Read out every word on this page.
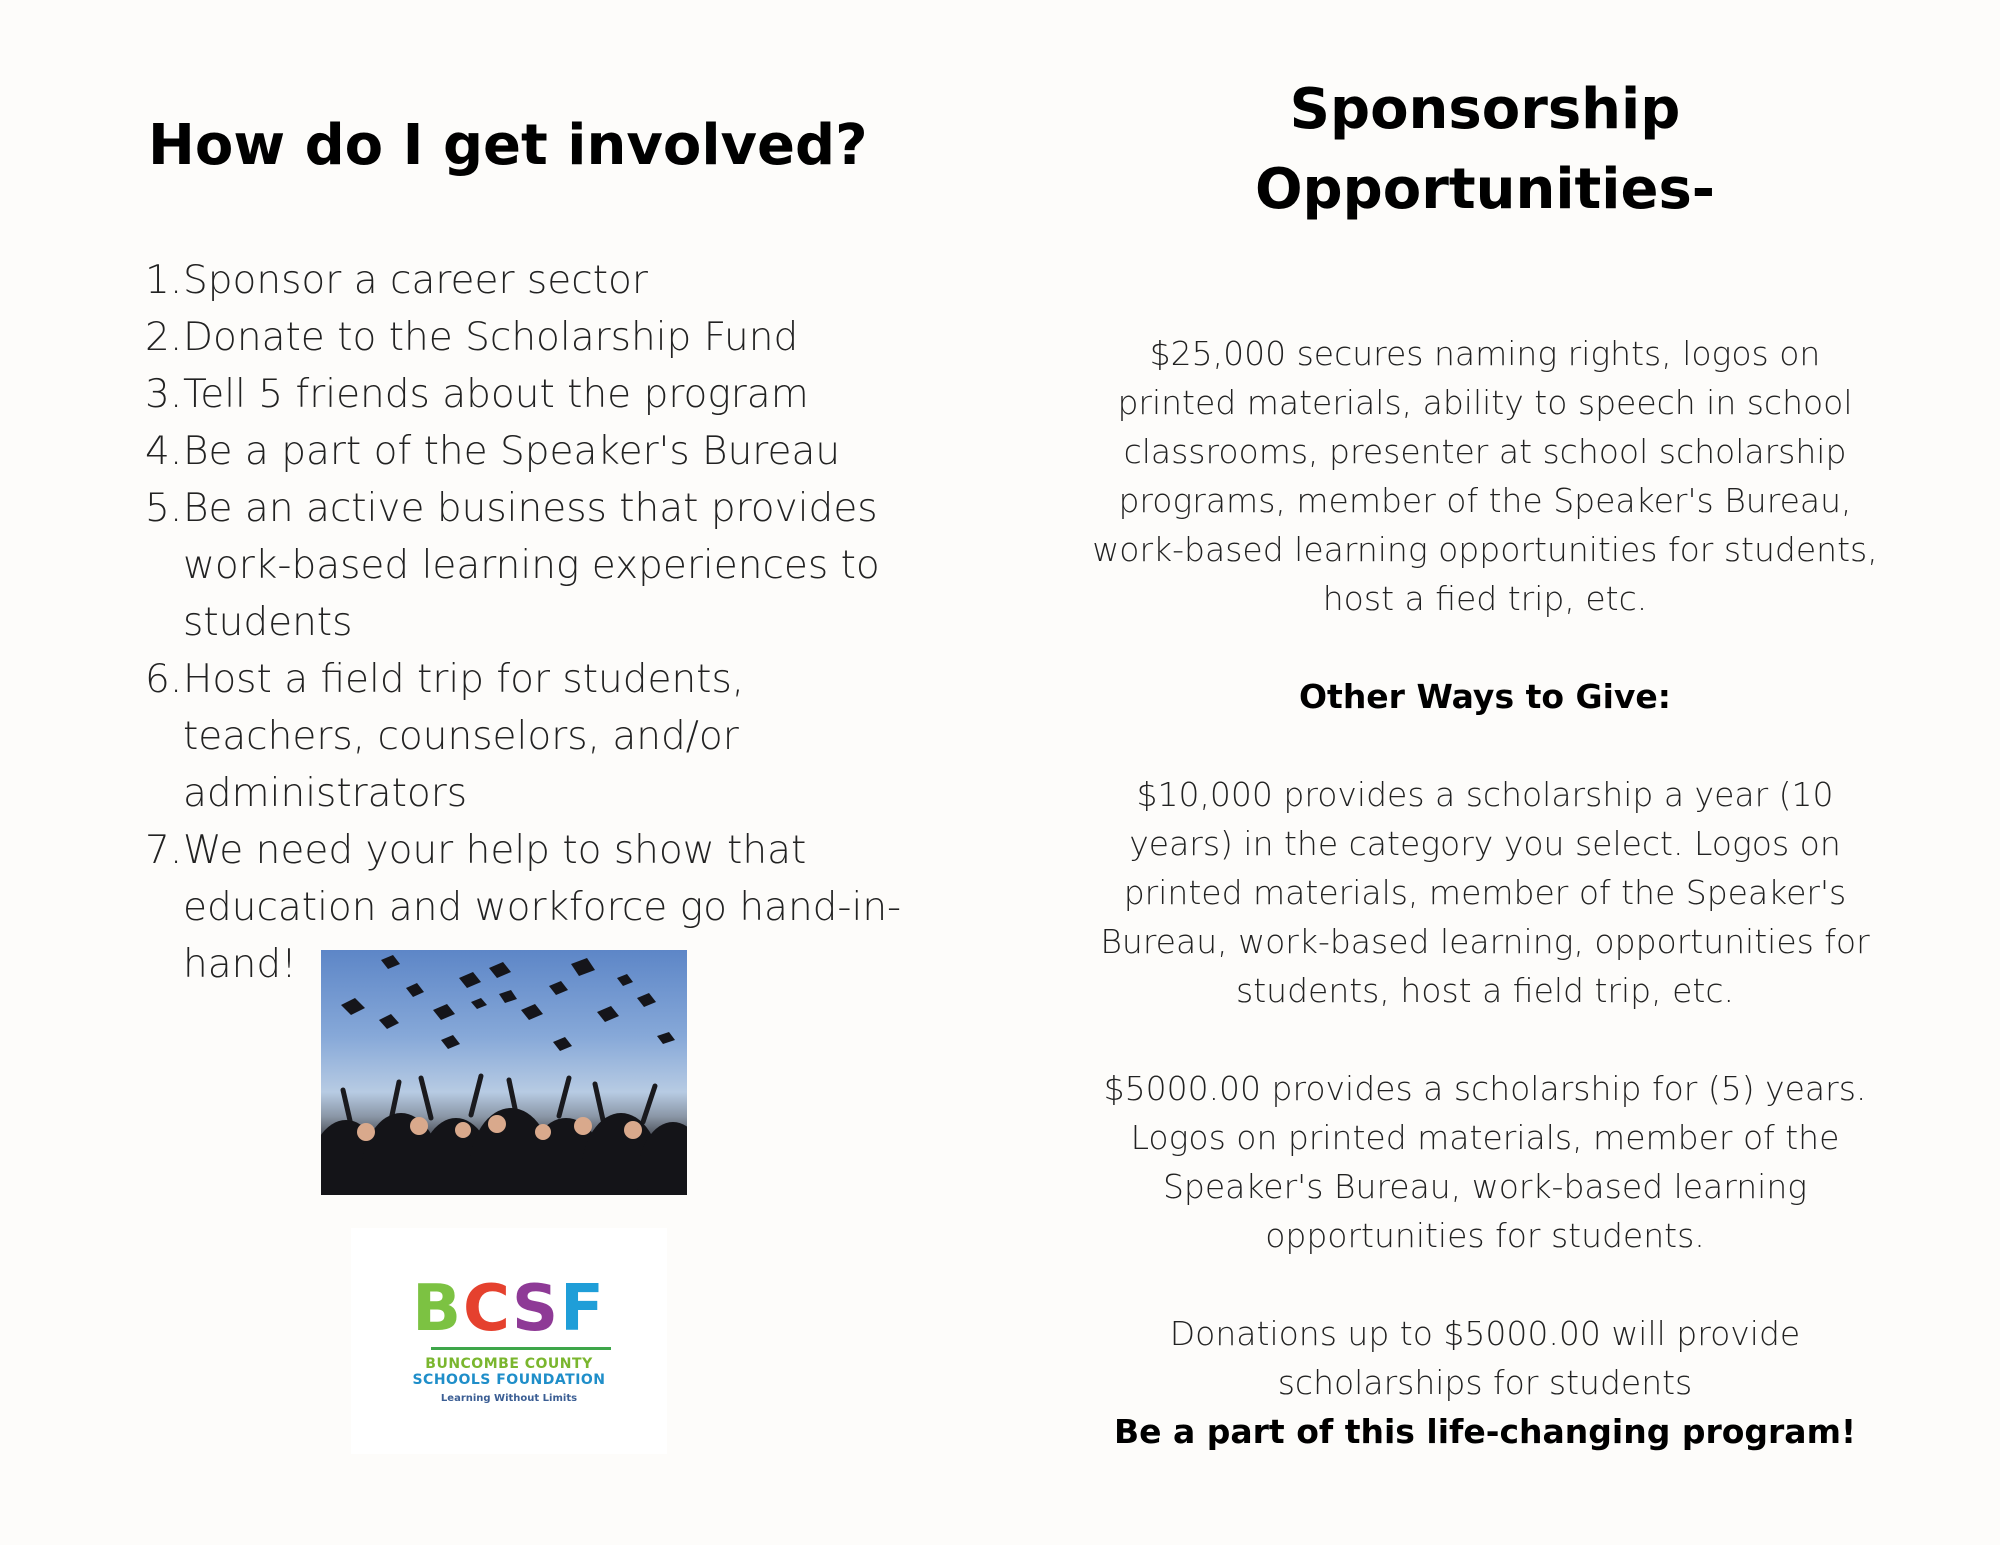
How do I get involved?
1. Sponsor a career sector
2. Donate to the Scholarship Fund
3. Tell 5 friends about the program
4. Be a part of the Speaker's Bureau
5. Be an active business that provides work-based learning experiences to students
6. Host a field trip for students, teachers, counselors, and/or administrators
7. We need your help to show that education and workforce go hand-in-hand!
BCSF
BUNCOMBE COUNTY
SCHOOLS FOUNDATION
Learning Without Limits
Sponsorship
Opportunities-

$25,000 secures naming rights, logos on printed materials, ability to speech in school classrooms, presenter at school scholarship programs, member of the Speaker's Bureau, work-based learning opportunities for students, host a fied trip, etc.

Other Ways to Give:

$10,000 provides a scholarship a year (10 years) in the category you select. Logos on printed materials, member of the Speaker's Bureau, work-based learning, opportunities for students, host a field trip, etc.

$5000.00 provides a scholarship for (5) years. Logos on printed materials, member of the Speaker's Bureau, work-based learning opportunities for students.

Donations up to $5000.00 will provide scholarships for students

Be a part of this life-changing program!
